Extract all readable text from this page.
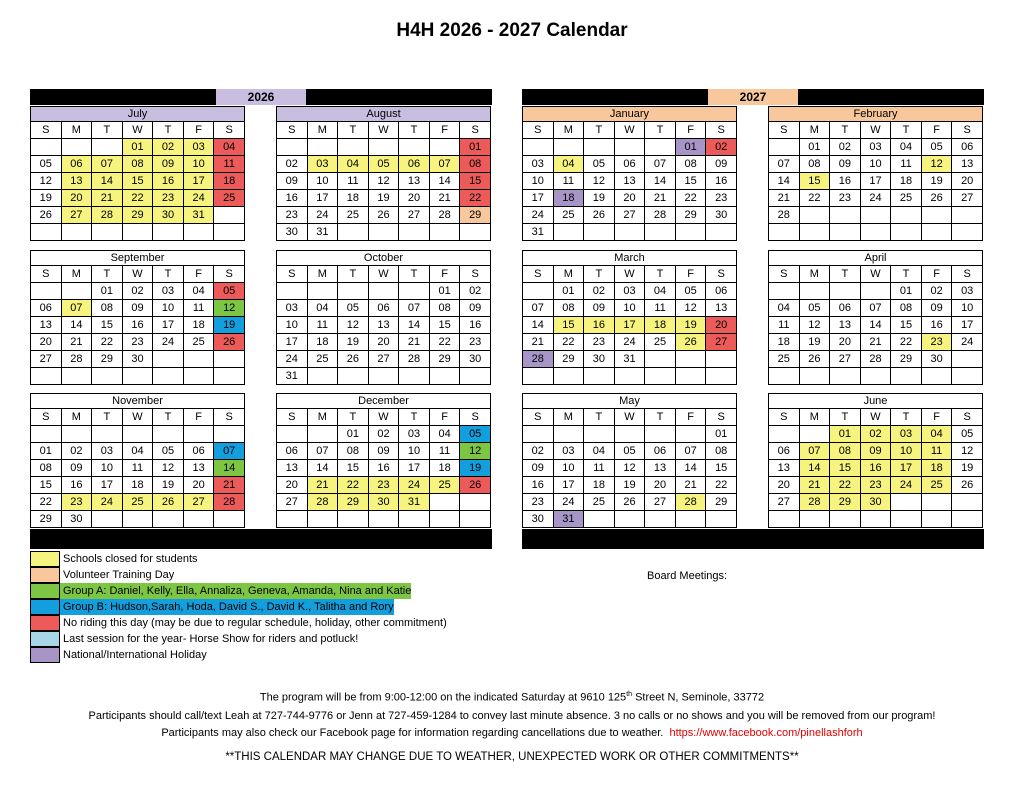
H4H 2026 - 2027 Calendar
2026	2027
July
S	M	T	W	T	F	S
			01	02	03	04
05	06	07	08	09	10	11
12	13	14	15	16	17	18
19	20	21	22	23	24	25
26	27	28	29	30	31	

August
S	M	T	W	T	F	S
						01
02	03	04	05	06	07	08
09	10	11	12	13	14	15
16	17	18	19	20	21	22
23	24	25	26	27	28	29
30	31					
January
S	M	T	W	T	F	S
					01	02
03	04	05	06	07	08	09
10	11	12	13	14	15	16
17	18	19	20	21	22	23
24	25	26	27	28	29	30
31						
February
S	M	T	W	T	F	S
	01	02	03	04	05	06
07	08	09	10	11	12	13
14	15	16	17	18	19	20
21	22	23	24	25	26	27
28						

September
S	M	T	W	T	F	S
		01	02	03	04	05
06	07	08	09	10	11	12
13	14	15	16	17	18	19
20	21	22	23	24	25	26
27	28	29	30			

October
S	M	T	W	T	F	S
					01	02
03	04	05	06	07	08	09
10	11	12	13	14	15	16
17	18	19	20	21	22	23
24	25	26	27	28	29	30
31						
March
S	M	T	W	T	F	S
	01	02	03	04	05	06
07	08	09	10	11	12	13
14	15	16	17	18	19	20
21	22	23	24	25	26	27
28	29	30	31			

April
S	M	T	W	T	F	S
				01	02	03
04	05	06	07	08	09	10
11	12	13	14	15	16	17
18	19	20	21	22	23	24
25	26	27	28	29	30	

November
S	M	T	W	T	F	S

01	02	03	04	05	06	07
08	09	10	11	12	13	14
15	16	17	18	19	20	21
22	23	24	25	26	27	28
29	30					
December
S	M	T	W	T	F	S
		01	02	03	04	05
06	07	08	09	10	11	12
13	14	15	16	17	18	19
20	21	22	23	24	25	26
27	28	29	30	31		

May
S	M	T	W	T	F	S
						01
02	03	04	05	06	07	08
09	10	11	12	13	14	15
16	17	18	19	20	21	22
23	24	25	26	27	28	29
30	31					
June
S	M	T	W	T	F	S
		01	02	03	04	05
06	07	08	09	10	11	12
13	14	15	16	17	18	19
20	21	22	23	24	25	26
27	28	29	30			

Schools closed for students
Volunteer Training Day
Group A: Daniel, Kelly, Ella, Annaliza, Geneva, Amanda, Nina and Katie
Group B: Hudson,Sarah, Hoda, David S., David K., Talitha and Rory
No riding this day (may be due to regular schedule, holiday, other commitment)
Last session for the year- Horse Show for riders and potluck!
National/International Holiday
Board Meetings:
The program will be from 9:00-12:00 on the indicated Saturday at 9610 125th Street N, Seminole, 33772
Participants should call/text Leah at 727-744-9776 or Jenn at 727-459-1284 to convey last minute absence. 3 no calls or no shows and you will be removed from our program!
Participants may also check our Facebook page for information regarding cancellations due to weather. https://www.facebook.com/pinellashforh
**THIS CALENDAR MAY CHANGE DUE TO WEATHER, UNEXPECTED WORK OR OTHER COMMITMENTS**
